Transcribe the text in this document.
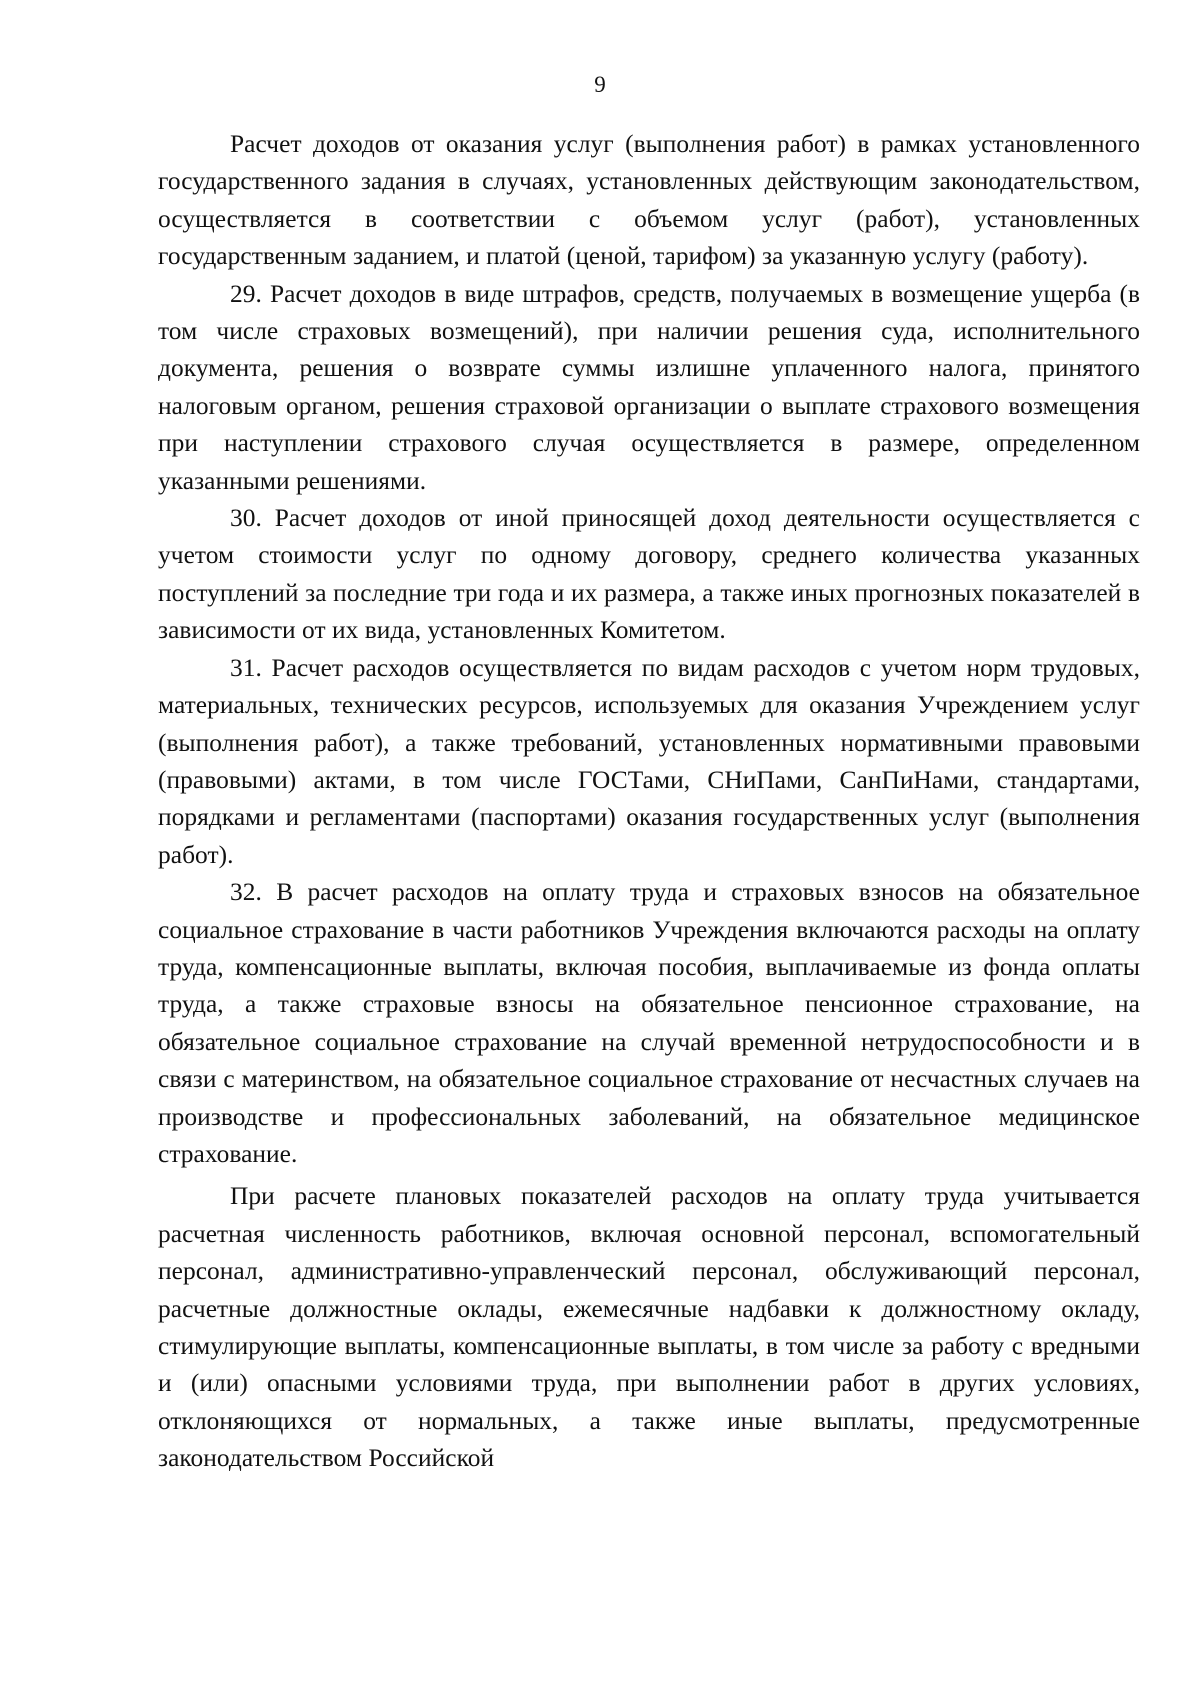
9

Расчет доходов от оказания услуг (выполнения работ) в рамках установленного государственного задания в случаях, установленных действующим законодательством, осуществляется в соответствии с объемом услуг (работ), установленных государственным заданием, и платой (ценой, тарифом) за указанную услугу (работу).

29. Расчет доходов в виде штрафов, средств, получаемых в возмещение ущерба (в том числе страховых возмещений), при наличии решения суда, исполнительного документа, решения о возврате суммы излишне уплаченного налога, принятого налоговым органом, решения страховой организации о выплате страхового возмещения при наступлении страхового случая осуществляется в размере, определенном указанными решениями.

30. Расчет доходов от иной приносящей доход деятельности осуществляется с учетом стоимости услуг по одному договору, среднего количества указанных поступлений за последние три года и их размера, а также иных прогнозных показателей в зависимости от их вида, установленных Комитетом.

31. Расчет расходов осуществляется по видам расходов с учетом норм трудовых, материальных, технических ресурсов, используемых для оказания Учреждением услуг (выполнения работ), а также требований, установленных нормативными правовыми (правовыми) актами, в том числе ГОСТами, СНиПами, СанПиНами, стандартами, порядками и регламентами (паспортами) оказания государственных услуг (выполнения работ).

32. В расчет расходов на оплату труда и страховых взносов на обязательное социальное страхование в части работников Учреждения включаются расходы на оплату труда, компенсационные выплаты, включая пособия, выплачиваемые из фонда оплаты труда, а также страховые взносы на обязательное пенсионное страхование, на обязательное социальное страхование на случай временной нетрудоспособности и в связи с материнством, на обязательное социальное страхование от несчастных случаев на производстве и профессиональных заболеваний, на обязательное медицинское страхование.

При расчете плановых показателей расходов на оплату труда учитывается расчетная численность работников, включая основной персонал, вспомогательный персонал, административно-управленческий персонал, обслуживающий персонал, расчетные должностные оклады, ежемесячные надбавки к должностному окладу, стимулирующие выплаты, компенсационные выплаты, в том числе за работу с вредными и (или) опасными условиями труда, при выполнении работ в других условиях, отклоняющихся от нормальных, а также иные выплаты, предусмотренные законодательством Российской
